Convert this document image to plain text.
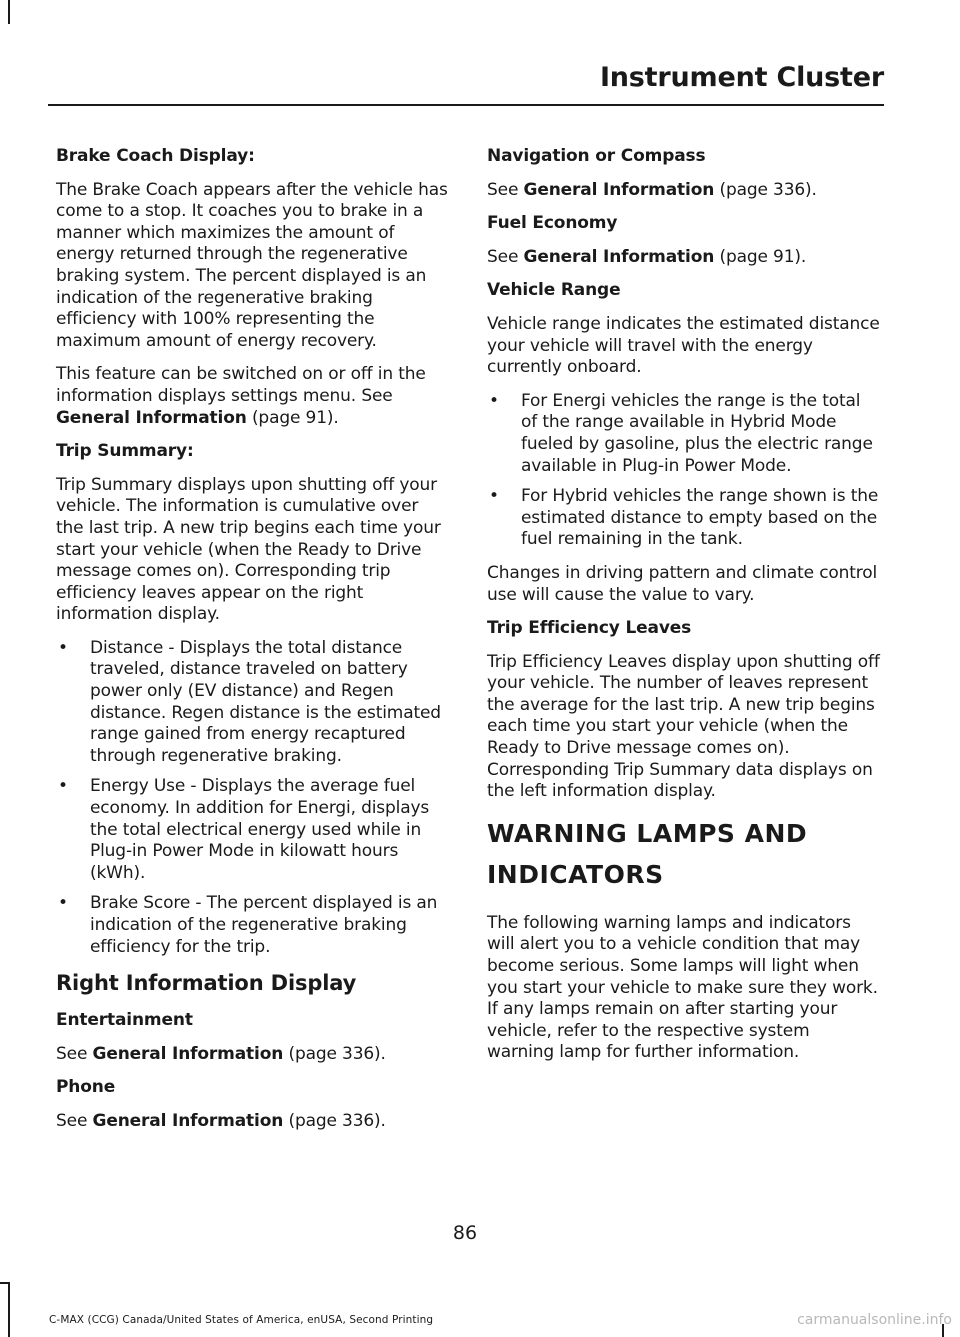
Instrument Cluster
Brake Coach Display:

The Brake Coach appears after the vehicle has come to a stop. It coaches you to brake in a manner which maximizes the amount of energy returned through the regenerative braking system. The percent displayed is an indication of the regenerative braking efficiency with 100% representing the maximum amount of energy recovery.

This feature can be switched on or off in the information displays settings menu. See General Information (page 91).

Trip Summary:

Trip Summary displays upon shutting off your vehicle. The information is cumulative over the last trip. A new trip begins each time your start your vehicle (when the Ready to Drive message comes on). Corresponding trip efficiency leaves appear on the right information display.

• Distance - Displays the total distance traveled, distance traveled on battery power only (EV distance) and Regen distance. Regen distance is the estimated range gained from energy recaptured through regenerative braking.
• Energy Use - Displays the average fuel economy. In addition for Energi, displays the total electrical energy used while in Plug-in Power Mode in kilowatt hours (kWh).
• Brake Score - The percent displayed is an indication of the regenerative braking efficiency for the trip.
Right Information Display
Entertainment

See General Information (page 336).

Phone

See General Information (page 336).

Navigation or Compass

See General Information (page 336).

Fuel Economy

See General Information (page 91).

Vehicle Range

Vehicle range indicates the estimated distance your vehicle will travel with the energy currently onboard.

• For Energi vehicles the range is the total of the range available in Hybrid Mode fueled by gasoline, plus the electric range available in Plug-in Power Mode.
• For Hybrid vehicles the range shown is the estimated distance to empty based on the fuel remaining in the tank.

Changes in driving pattern and climate control use will cause the value to vary.

Trip Efficiency Leaves

Trip Efficiency Leaves display upon shutting off your vehicle. The number of leaves represent the average for the last trip. A new trip begins each time you start your vehicle (when the Ready to Drive message comes on). Corresponding Trip Summary data displays on the left information display.

WARNING LAMPS AND
INDICATORS

The following warning lamps and indicators will alert you to a vehicle condition that may become serious. Some lamps will light when you start your vehicle to make sure they work. If any lamps remain on after starting your vehicle, refer to the respective system warning lamp for further information.

86
C-MAX (CCG) Canada/United States of America, enUSA, Second Printing	carmanualsonline.info
